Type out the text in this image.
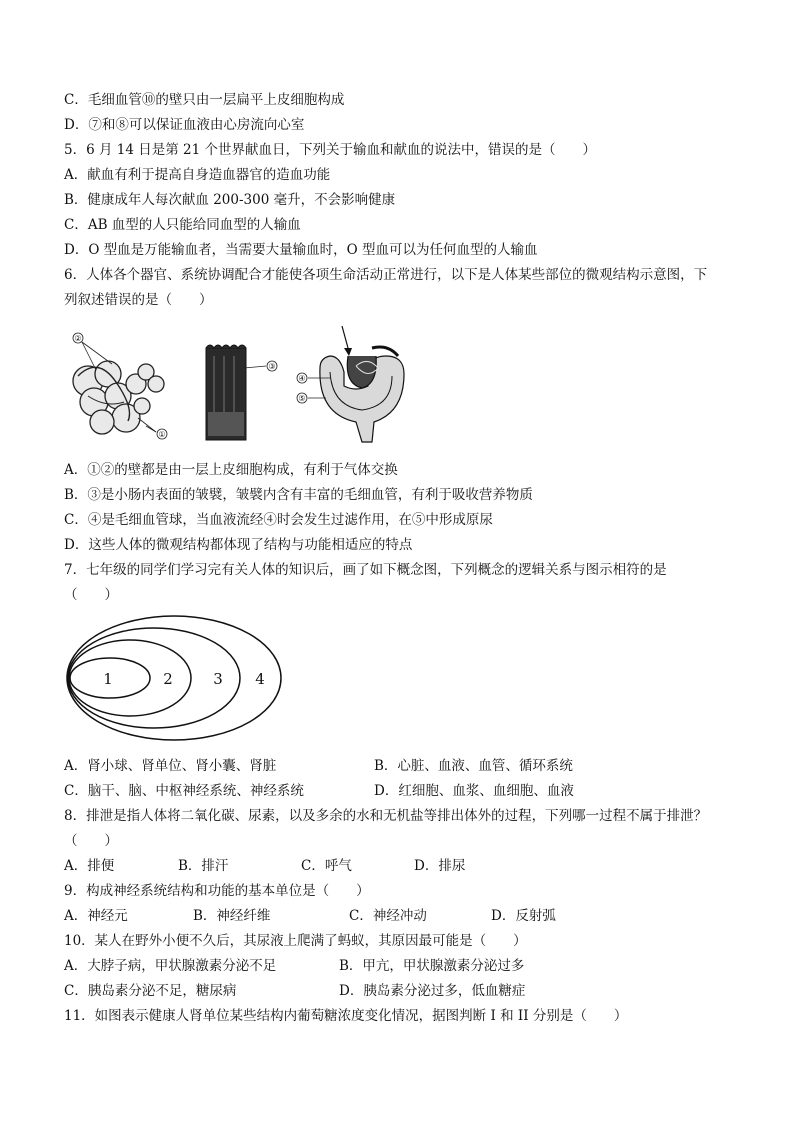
C．毛细血管⑩的壁只由一层扁平上皮细胞构成
D．⑦和⑧可以保证血液由心房流向心室
5．6 月 14 日是第 21 个世界献血日，下列关于输血和献血的说法中，错误的是（　　）
A．献血有利于提高自身造血器官的造血功能
B．健康成年人每次献血 200-300 毫升，不会影响健康
C．AB 血型的人只能给同血型的人输血
D．O 型血是万能输血者，当需要大量输血时，O 型血可以为任何血型的人输血
6．人体各个器官、系统协调配合才能使各项生命活动正常进行，以下是人体某些部位的微观结构示意图，下
列叙述错误的是（　　）
②
①
③
④
⑤
A．①②的壁都是由一层上皮细胞构成，有利于气体交换
B．③是小肠内表面的皱襞，皱襞内含有丰富的毛细血管，有利于吸收营养物质
C．④是毛细血管球，当血液流经④时会发生过滤作用，在⑤中形成原尿
D．这些人体的微观结构都体现了结构与功能相适应的特点
7．七年级的同学们学习完有关人体的知识后，画了如下概念图，下列概念的逻辑关系与图示相符的是
（　　）
1	2	3 4
A．肾小球、肾单位、肾小囊、肾脏	B．心脏、血液、血管、循环系统
C．脑干、脑、中枢神经系统、神经系统	D．红细胞、血浆、血细胞、血液
8．排泄是指人体将二氧化碳、尿素，以及多余的水和无机盐等排出体外的过程，下列哪一过程不属于排泄？
（　　）
A．排便	B．排汗	C．呼气	D．排尿
9．构成神经系统结构和功能的基本单位是（　　）
A．神经元	B．神经纤维	C．神经冲动	D．反射弧
10．某人在野外小便不久后，其尿液上爬满了蚂蚁，其原因最可能是（　　）
A．大脖子病，甲状腺激素分泌不足	B．甲亢，甲状腺激素分泌过多
C．胰岛素分泌不足，糖尿病	D．胰岛素分泌过多，低血糖症
11．如图表示健康人肾单位某些结构内葡萄糖浓度变化情况，据图判断 I 和 II 分别是（　　）
